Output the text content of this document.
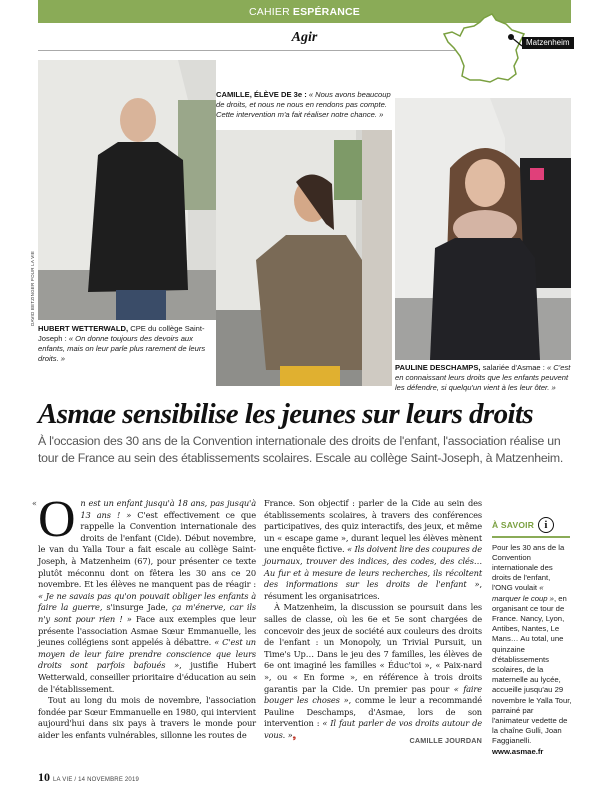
CAHIER ESPÉRANCE
Agir	Matzenheim
DAVID BETZINGER POUR LA VIE
HUBERT WETTERWALD, CPE du collège Saint-Joseph : « On donne toujours des devoirs aux enfants, mais on leur parle plus rarement de leurs droits. »
CAMILLE, ÉLÈVE DE 3e : « Nous avons beaucoup de droits, et nous ne nous en rendons pas compte. Cette intervention m'a fait réaliser notre chance. »
PAULINE DESCHAMPS, salariée d'Asmae : « C'est en connaissant leurs droits que les enfants peuvent les défendre, si quelqu'un vient à les leur ôter. »
Asmae sensibilise les jeunes sur leurs droits

À l'occasion des 30 ans de la Convention internationale des droits de l'enfant, l'association réalise un tour de France au sein des établissements scolaires. Escale au collège Saint-Joseph, à Matzenheim.

« O n est un enfant jusqu'à 18 ans, pas jusqu'à 13 ans ! » C'est effectivement ce que rappelle la Convention internationale des droits de l'enfant (Cide). Début novembre, le van du Yalla Tour a fait escale au collège Saint-Joseph, à Matzenheim (67), pour présenter ce texte plutôt méconnu dont on fêtera les 30 ans ce 20 novembre. Et les élèves ne manquent pas de réagir : « Je ne savais pas qu'on pouvait obliger les enfants à faire la guerre, s'insurge Jade, ça m'énerve, car ils n'y sont pour rien ! » Face aux exemples que leur présente l'association Asmae Sœur Emmanuelle, les jeunes collégiens sont appelés à débattre. « C'est un moyen de leur faire prendre conscience que leurs droits sont parfois bafoués », justifie Hubert Wetterwald, conseiller prioritaire d'éducation au sein de l'établissement.

Tout au long du mois de novembre, l'association fondée par Sœur Emmanuelle en 1980, qui intervient aujourd'hui dans six pays à travers le monde pour aider les enfants vulnérables, sillonne les routes de

France. Son objectif : parler de la Cide au sein des établissements scolaires, à travers des conférences participatives, des quiz interactifs, des jeux, et même un « escape game », durant lequel les élèves mènent une enquête fictive. « Ils doivent lire des coupures de journaux, trouver des indices, des codes, des clés… Au fur et à mesure de leurs recherches, ils récoltent des informations sur les droits de l'enfant », résument les organisatrices.

À Matzenheim, la discussion se poursuit dans les salles de classe, où les 6e et 5e sont chargées de concevoir des jeux de société aux couleurs des droits de l'enfant : un Monopoly, un Trivial Pursuit, un Time's Up… Dans le jeu des 7 familles, les élèves de 6e ont imaginé les familles « Éduc'toi », « Paix-nard », ou « En forme », en référence à trois droits garantis par la Cide. Un premier pas pour « faire bouger les choses », comme le leur a recommandé Pauline Deschamps, d'Asmae, lors de son intervention : « Il faut parler de vos droits autour de vous. »❟

CAMILLE JOURDAN
À SAVOIR i
Pour les 30 ans de la Convention internationale des droits de l'enfant, l'ONG voulait « marquer le coup », en organisant ce tour de France. Nancy, Lyon, Antibes, Nantes, Le Mans… Au total, une quinzaine d'établissements scolaires, de la maternelle au lycée, accueille jusqu'au 29 novembre le Yalla Tour, parrainé par l'animateur vedette de la chaîne Gulli, Joan Faggianelli.
www.asmae.fr
10 LA VIE / 14 NOVEMBRE 2019
